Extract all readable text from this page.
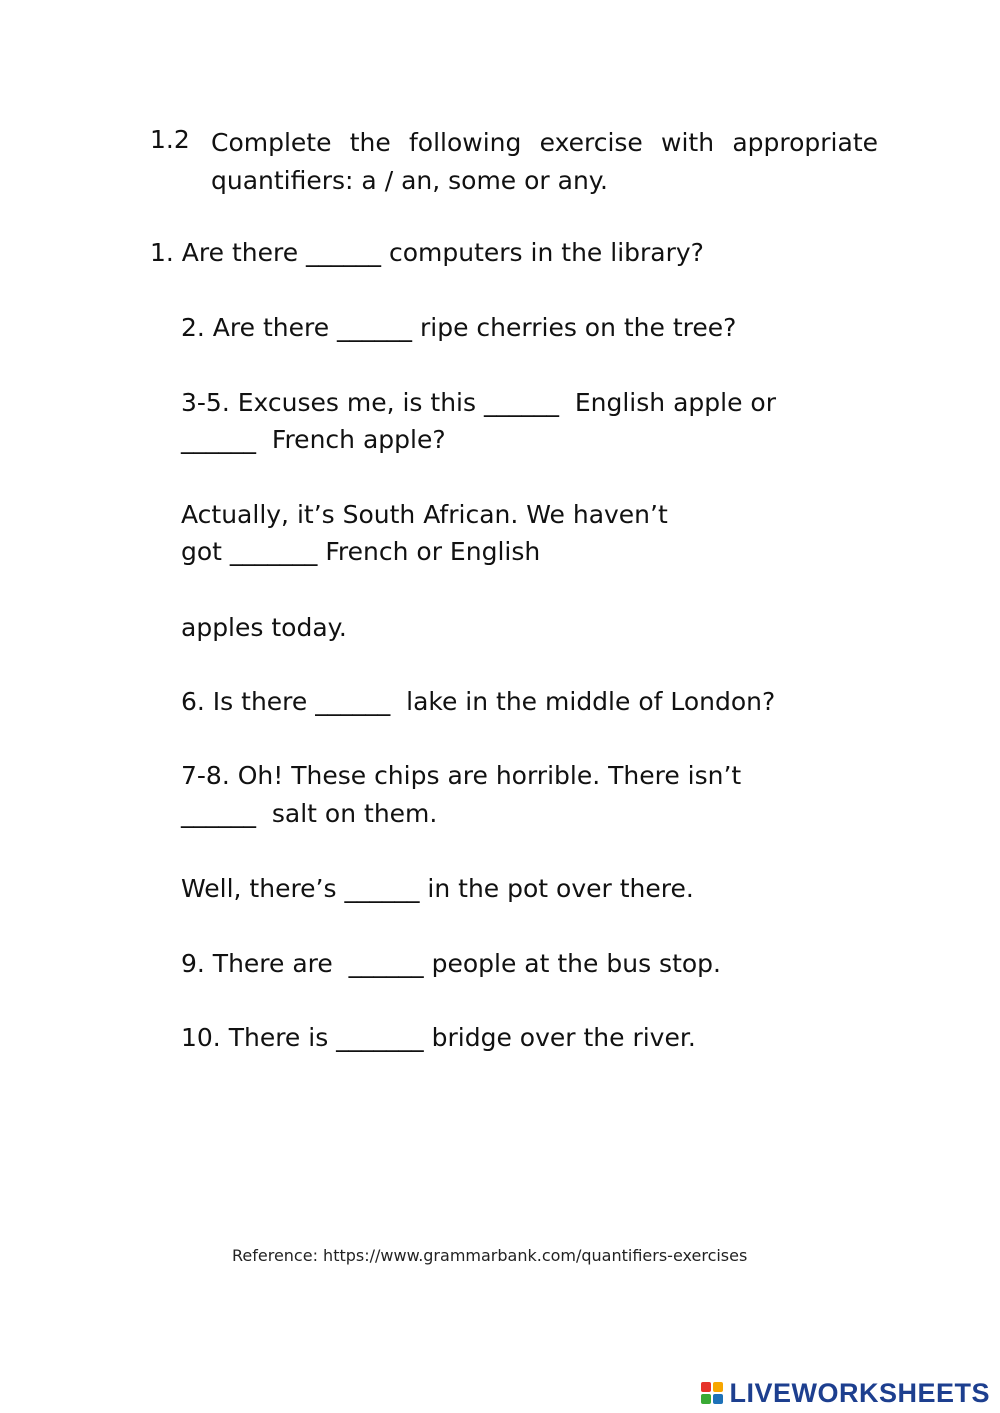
1.2 Complete the following exercise with appropriate quantifiers: a / an, some or any.

1. Are there ______ computers in the library?

2. Are there ______ ripe cherries on the tree?

3-5. Excuses me, is this ______  English apple or

______  French apple?

Actually, it’s South African. We haven’t

got _______ French or English

apples today.

6. Is there ______  lake in the middle of London?

7-8. Oh! These chips are horrible. There isn’t

______  salt on them.

Well, there’s ______ in the pot over there.

9. There are  ______ people at the bus stop.

10. There is _______ bridge over the river.

Reference: https://www.grammarbank.com/quantifiers-exercises
LIVEWORKSHEETS
